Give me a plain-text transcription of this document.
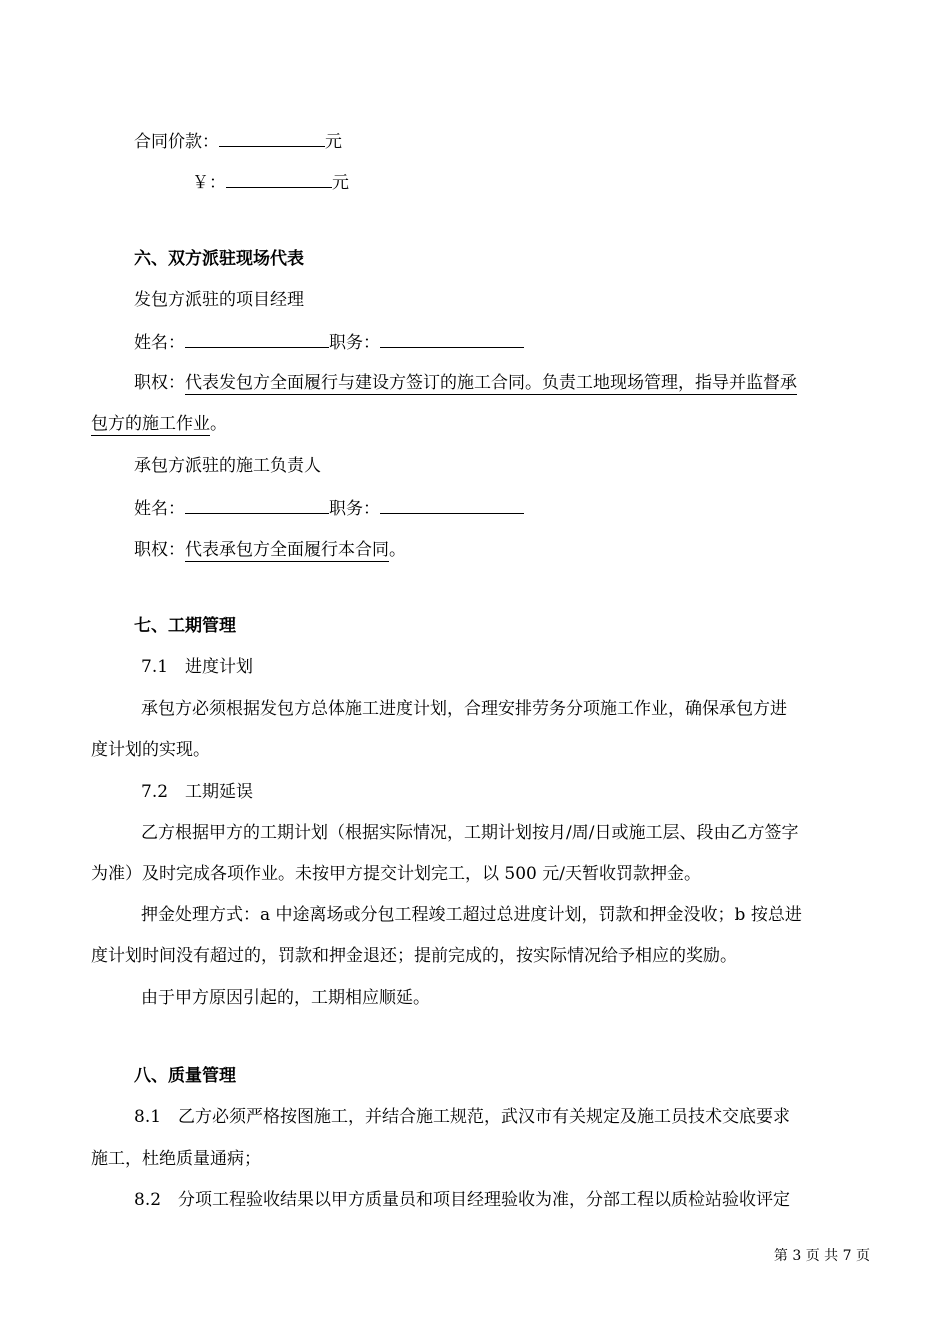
合同价款：	元
￥：	元
六、双方派驻现场代表
发包方派驻的项目经理
姓名：	职务：
职权：代表发包方全面履行与建设方签订的施工合同。负责工地现场管理，指导并监督承
包方的施工作业。
承包方派驻的施工负责人
姓名：	职务：
职权：代表承包方全面履行本合同。
七、工期管理
7.1　进度计划
承包方必须根据发包方总体施工进度计划，合理安排劳务分项施工作业，确保承包方进
度计划的实现。
7.2　工期延误
乙方根据甲方的工期计划（根据实际情况，工期计划按月/周/日或施工层、段由乙方签字
为准）及时完成各项作业。未按甲方提交计划完工，以 500 元/天暂收罚款押金。
押金处理方式：a 中途离场或分包工程竣工超过总进度计划，罚款和押金没收；b 按总进
度计划时间没有超过的，罚款和押金退还；提前完成的，按实际情况给予相应的奖励。
由于甲方原因引起的，工期相应顺延。
八、质量管理
8.1　乙方必须严格按图施工，并结合施工规范，武汉市有关规定及施工员技术交底要求
施工，杜绝质量通病；
8.2　分项工程验收结果以甲方质量员和项目经理验收为准，分部工程以质检站验收评定
第 3 页 共 7 页
